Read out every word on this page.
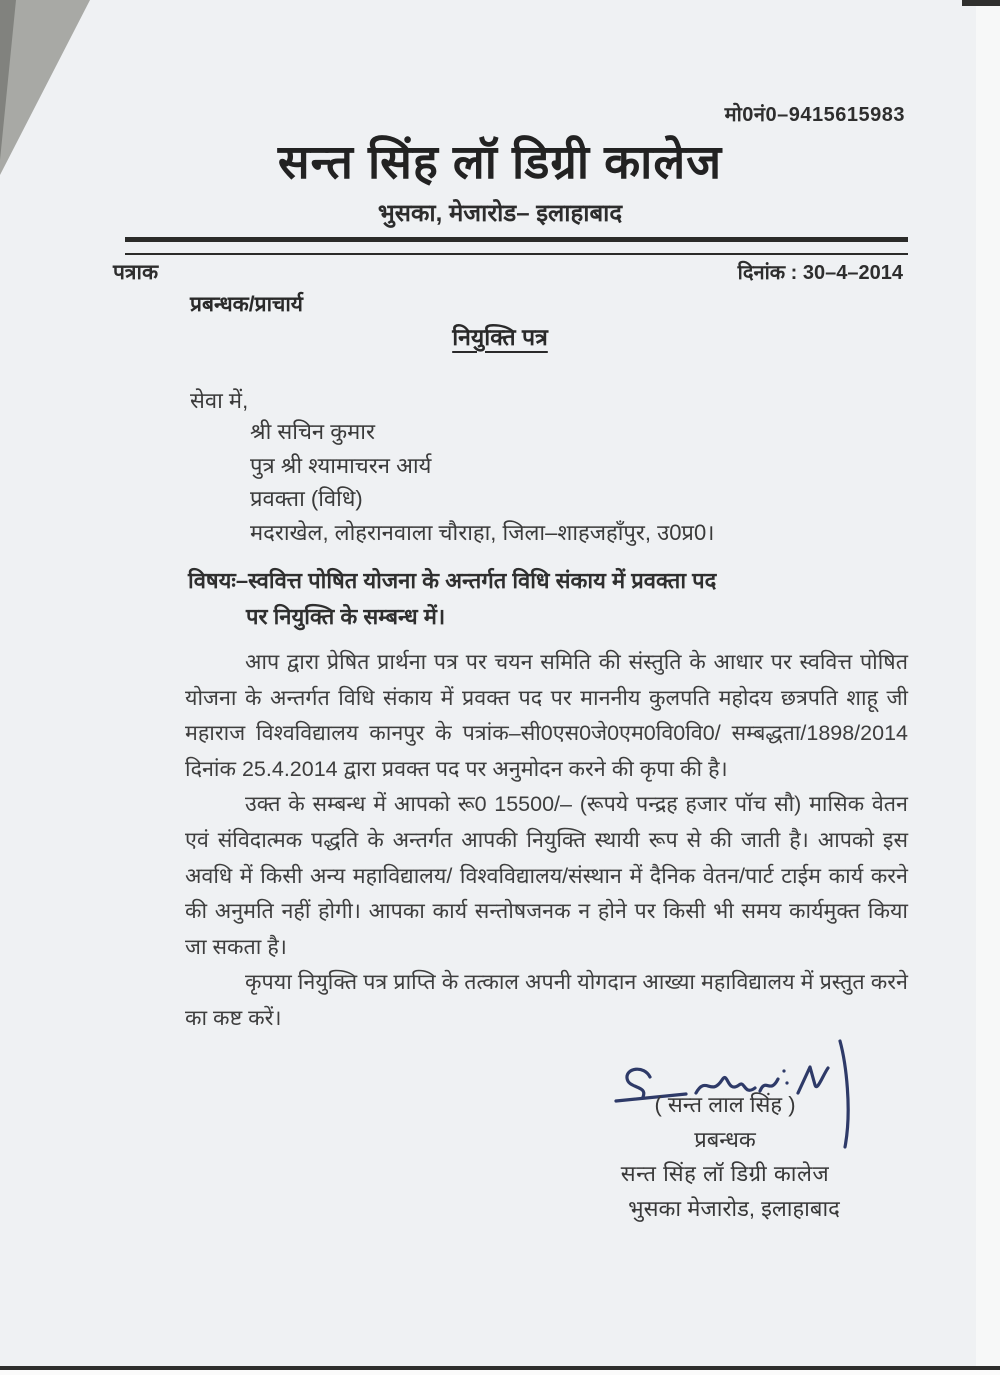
मो0नं0–9415615983
सन्त सिंह लॉ डिग्री कालेज
भुसका, मेजारोड– इलाहाबाद
पत्राक	दिनांक : 30–4–2014
प्रबन्धक/प्राचार्य
नियुक्ति पत्र
सेवा में,
श्री सचिन कुमार
पुत्र श्री श्यामाचरन आर्य
प्रवक्ता (विधि)
मदराखेल, लोहरानवाला चौराहा, जिला–शाहजहाँपुर, उ0प्र0।
विषयः–स्ववित्त पोषित योजना के अन्तर्गत विधि संकाय में प्रवक्ता पद
पर नियुक्ति के सम्बन्ध में।

आप द्वारा प्रेषित प्रार्थना पत्र पर चयन समिति की संस्तुति के आधार पर स्ववित्त पोषित योजना के अन्तर्गत विधि संकाय में प्रवक्त पद पर माननीय कुलपति महोदय छत्रपति शाहू जी महाराज विश्वविद्यालय कानपुर के पत्रांक–सी0एस0जे0एम0वि0वि0/ सम्बद्धता/1898/2014 दिनांक 25.4.2014 द्वारा प्रवक्त पद पर अनुमोदन करने की कृपा की है।

उक्त के सम्बन्ध में आपको रू0 15500/– (रूपये पन्द्रह हजार पॉच सौ) मासिक वेतन एवं संविदात्मक पद्धति के अन्तर्गत आपकी नियुक्ति स्थायी रूप से की जाती है। आपको इस अवधि में किसी अन्य महाविद्यालय/ विश्वविद्यालय/संस्थान में दैनिक वेतन/पार्ट टाईम कार्य करने की अनुमति नहीं होगी। आपका कार्य सन्तोषजनक न होने पर किसी भी समय कार्यमुक्त किया जा सकता है।

कृपया नियुक्ति पत्र प्राप्ति के तत्काल अपनी योगदान आख्या महाविद्यालय में प्रस्तुत करने का कष्ट करें।

( सन्त लाल सिंह )
प्रबन्धक
सन्त सिंह लॉ डिग्री कालेज
भुसका मेजारोड, इलाहाबाद
